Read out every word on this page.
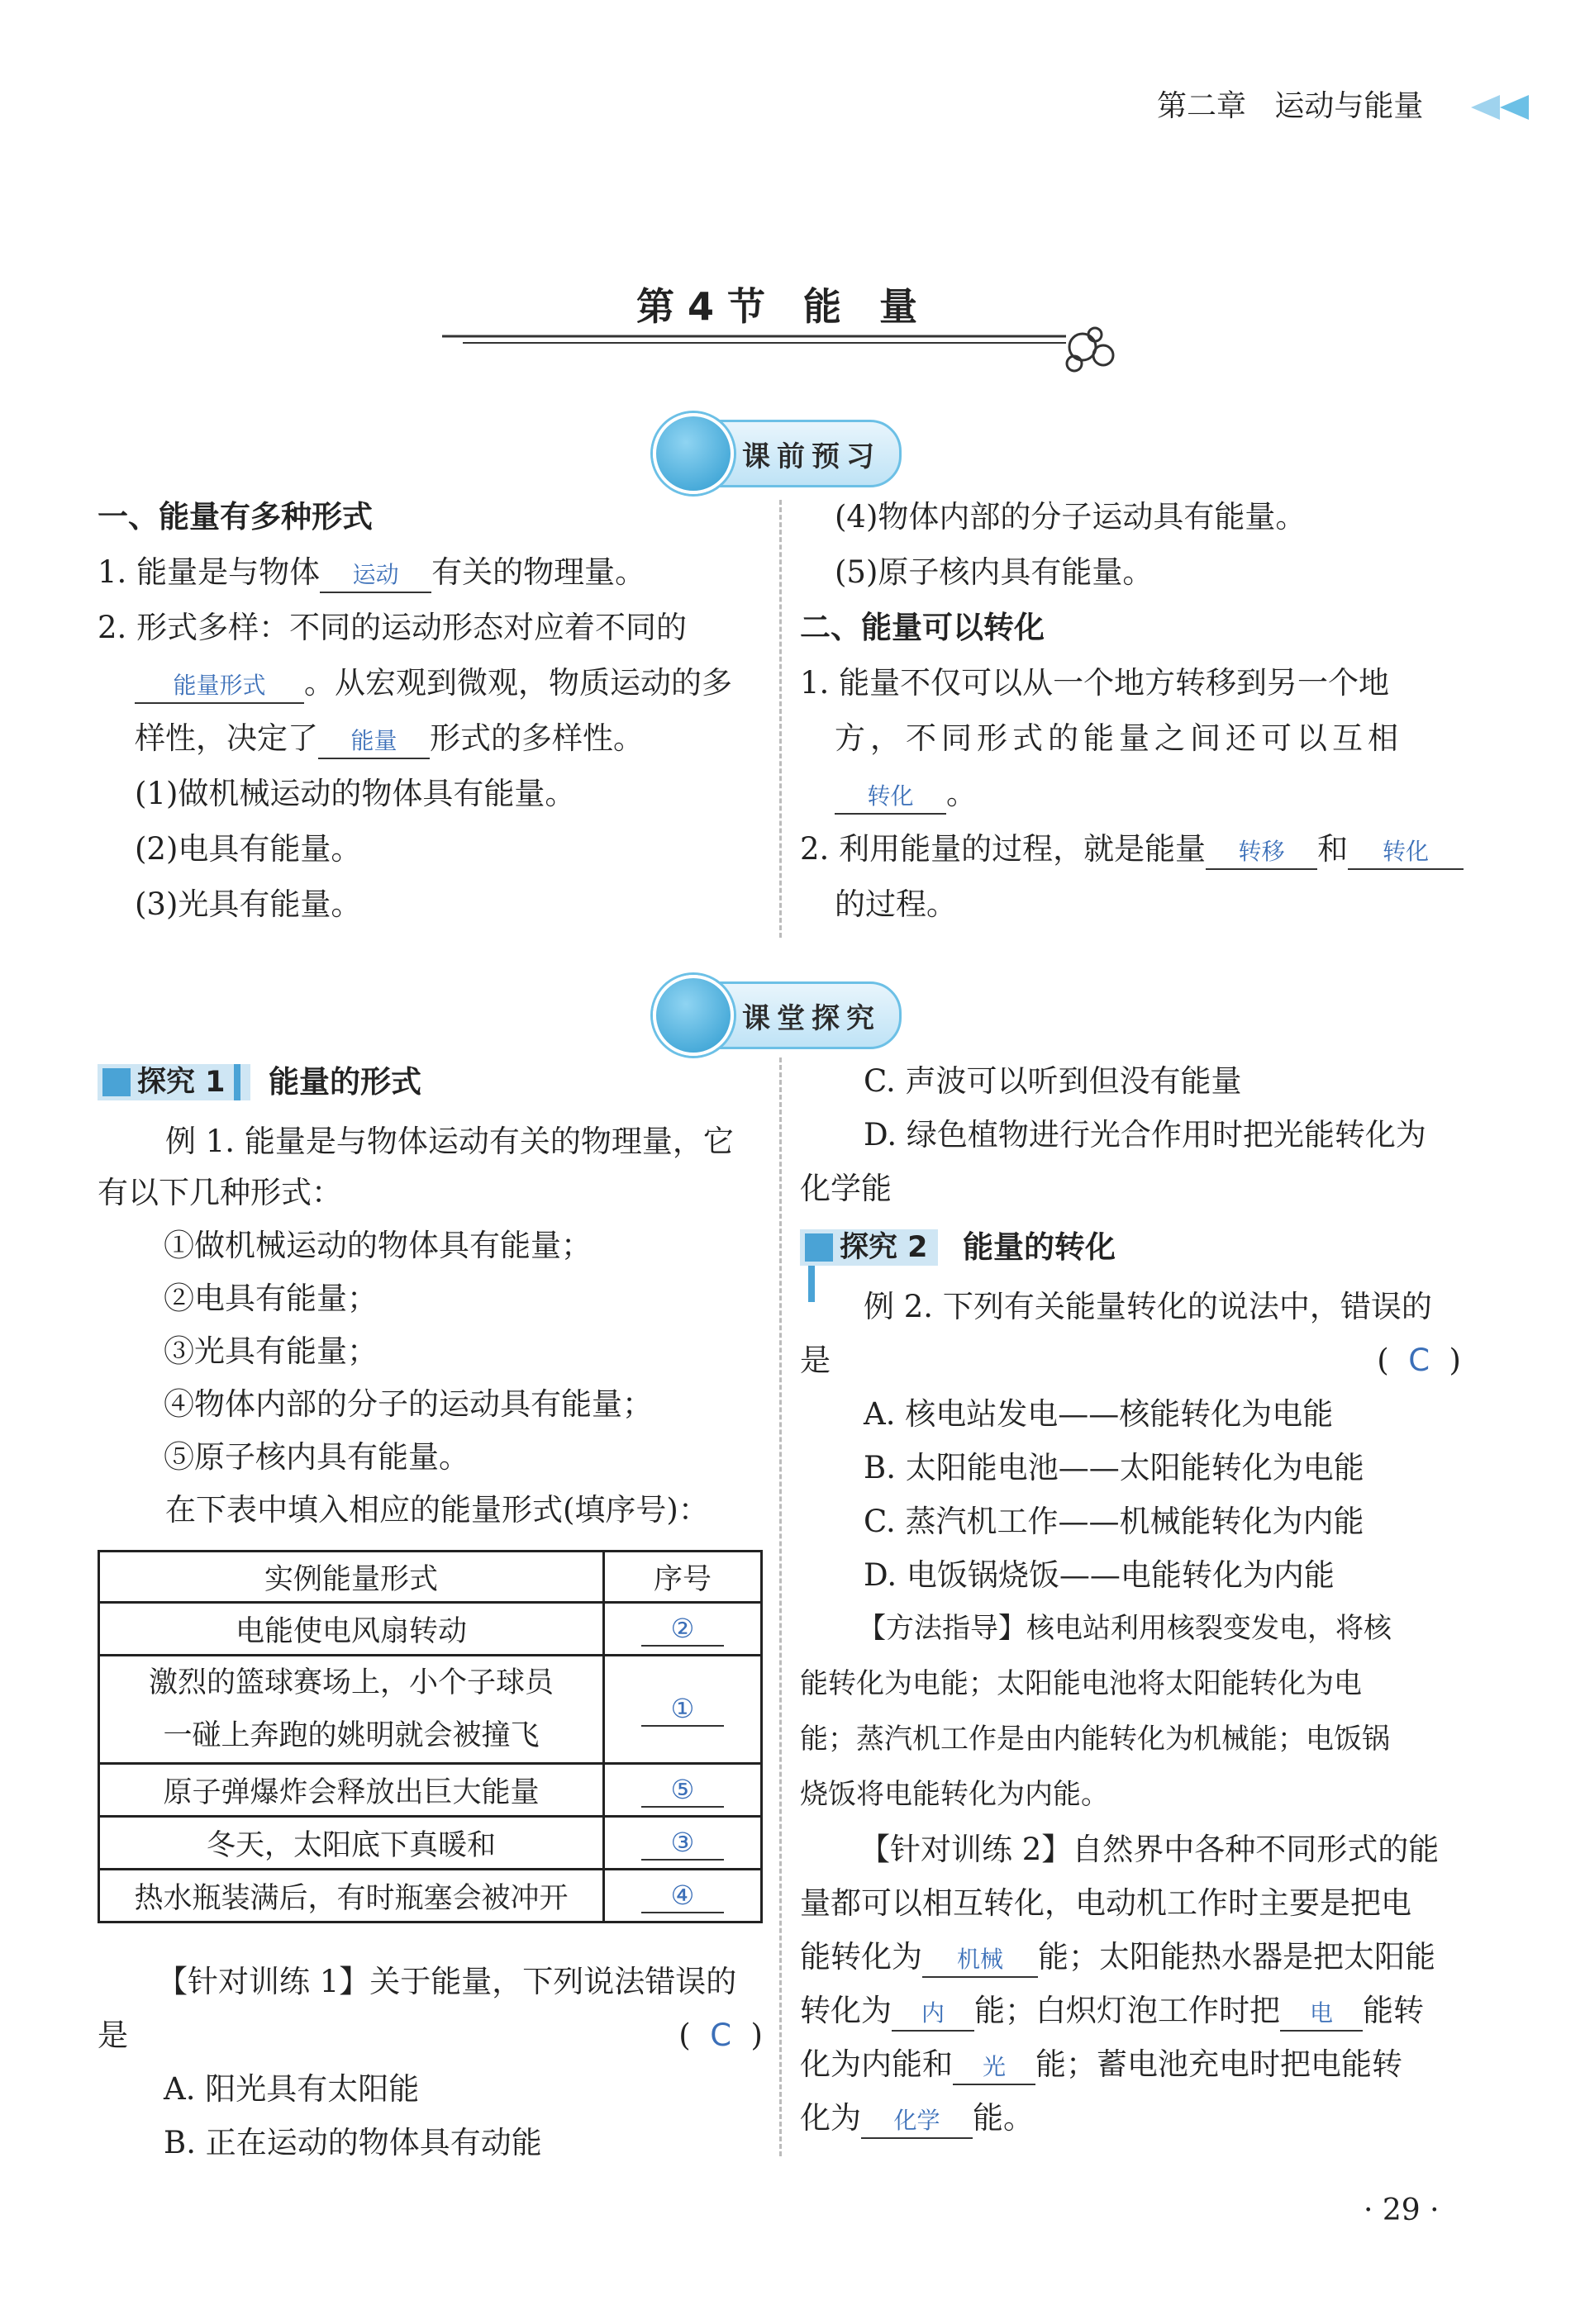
第二章 运动与能量
第 4 节　能　量
课前预习
一、能量有多种形式
1. 能量是与物体 运动 有关的物理量。
2. 形式多样：不同的运动形态对应着不同的
能量形式 。从宏观到微观，物质运动的多
样性，决定了 能量 形式的多样性。
(1)做机械运动的物体具有能量。
(2)电具有能量。
(3)光具有能量。
(4)物体内部的分子运动具有能量。
(5)原子核内具有能量。
二、能量可以转化
1. 能量不仅可以从一个地方转移到另一个地
方，不同形式的能量之间还可以互相
转化 。
2. 利用能量的过程，就是能量 转移 和 转化
的过程。
课堂探究
探究 1	能量的形式
例 1. 能量是与物体运动有关的物理量，它
有以下几种形式：
①做机械运动的物体具有能量；
②电具有能量；
③光具有能量；
④物体内部的分子的运动具有能量；
⑤原子核内具有能量。
在下表中填入相应的能量形式(填序号)：
实例能量形式	序号
电能使电风扇转动	②

激烈的篮球赛场上，小个子球员
一碰上奔跑的姚明就会被撞飞	①
原子弹爆炸会释放出巨大能量	⑤
冬天，太阳底下真暖和	③
热水瓶装满后，有时瓶塞会被冲开	④
【针对训练 1】关于能量，下列说法错误的
是	(  C  )
A. 阳光具有太阳能
B. 正在运动的物体具有动能
C. 声波可以听到但没有能量
D. 绿色植物进行光合作用时把光能转化为
化学能
探究 2	能量的转化
例 2. 下列有关能量转化的说法中，错误的
是	(  C  )
A. 核电站发电——核能转化为电能
B. 太阳能电池——太阳能转化为电能
C. 蒸汽机工作——机械能转化为内能
D. 电饭锅烧饭——电能转化为内能
【方法指导】核电站利用核裂变发电，将核
能转化为电能；太阳能电池将太阳能转化为电
能；蒸汽机工作是由内能转化为机械能；电饭锅
烧饭将电能转化为内能。
【针对训练 2】自然界中各种不同形式的能
量都可以相互转化，电动机工作时主要是把电
能转化为 机械 能；太阳能热水器是把太阳能
转化为 内 能；白炽灯泡工作时把 电 能转
化为内能和 光 能；蓄电池充电时把电能转
化为 化学 能。
· 29 ·
